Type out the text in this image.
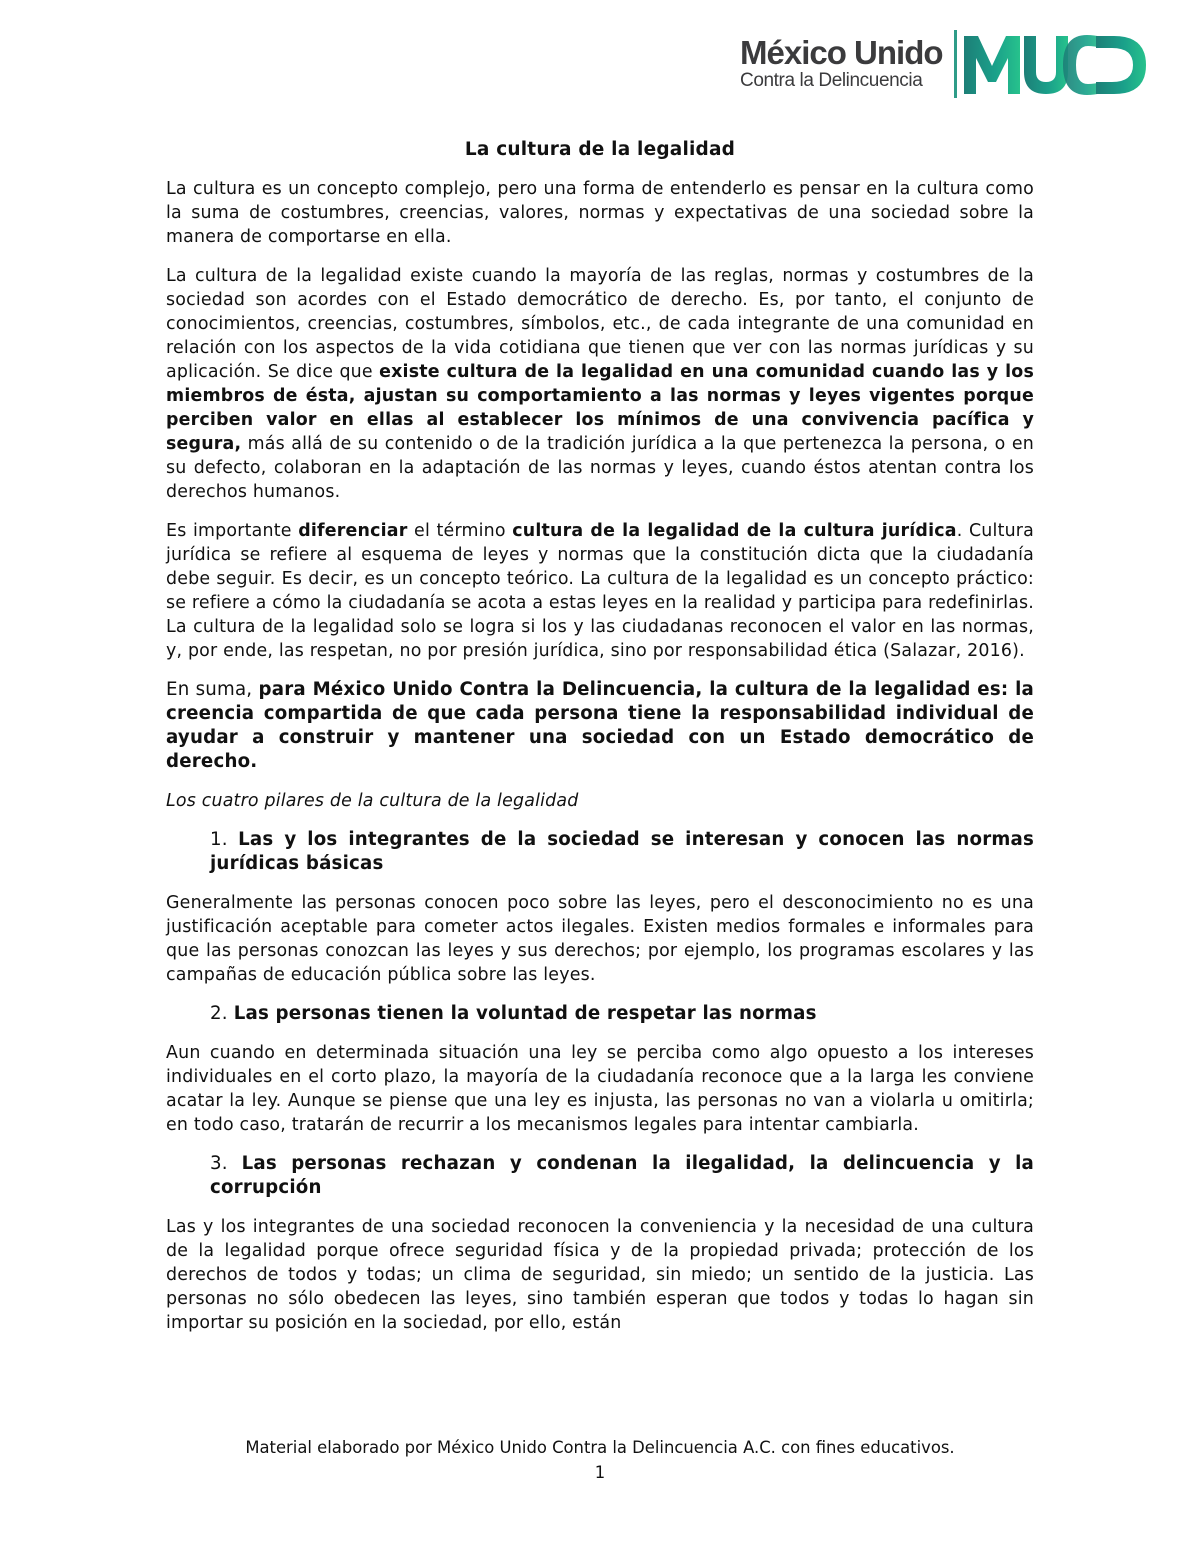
México Unido
Contra la Delincuencia

La cultura de la legalidad

La cultura es un concepto complejo, pero una forma de entenderlo es pensar en la cultura como la suma de costumbres, creencias, valores, normas y expectativas de una sociedad sobre la manera de comportarse en ella.

La cultura de la legalidad existe cuando la mayoría de las reglas, normas y costumbres de la sociedad son acordes con el Estado democrático de derecho. Es, por tanto, el conjunto de conocimientos, creencias, costumbres, símbolos, etc., de cada integrante de una comunidad en relación con los aspectos de la vida cotidiana que tienen que ver con las normas jurídicas y su aplicación. Se dice que existe cultura de la legalidad en una comunidad cuando las y los miembros de ésta, ajustan su comportamiento a las normas y leyes vigentes porque perciben valor en ellas al establecer los mínimos de una convivencia pacífica y segura, más allá de su contenido o de la tradición jurídica a la que pertenezca la persona, o en su defecto, colaboran en la adaptación de las normas y leyes, cuando éstos atentan contra los derechos humanos.

Es importante diferenciar el término cultura de la legalidad de la cultura jurídica. Cultura jurídica se refiere al esquema de leyes y normas que la constitución dicta que la ciudadanía debe seguir. Es decir, es un concepto teórico. La cultura de la legalidad es un concepto práctico: se refiere a cómo la ciudadanía se acota a estas leyes en la realidad y participa para redefinirlas. La cultura de la legalidad solo se logra si los y las ciudadanas reconocen el valor en las normas, y, por ende, las respetan, no por presión jurídica, sino por responsabilidad ética (Salazar, 2016).

En suma, para México Unido Contra la Delincuencia, la cultura de la legalidad es: la creencia compartida de que cada persona tiene la responsabilidad individual de ayudar a construir y mantener una sociedad con un Estado democrático de derecho.

Los cuatro pilares de la cultura de la legalidad

1. Las y los integrantes de la sociedad se interesan y conocen las normas jurídicas básicas

Generalmente las personas conocen poco sobre las leyes, pero el desconocimiento no es una justificación aceptable para cometer actos ilegales. Existen medios formales e informales para que las personas conozcan las leyes y sus derechos; por ejemplo, los programas escolares y las campañas de educación pública sobre las leyes.

2. Las personas tienen la voluntad de respetar las normas

Aun cuando en determinada situación una ley se perciba como algo opuesto a los intereses individuales en el corto plazo, la mayoría de la ciudadanía reconoce que a la larga les conviene acatar la ley. Aunque se piense que una ley es injusta, las personas no van a violarla u omitirla; en todo caso, tratarán de recurrir a los mecanismos legales para intentar cambiarla.

3. Las personas rechazan y condenan la ilegalidad, la delincuencia y la corrupción

Las y los integrantes de una sociedad reconocen la conveniencia y la necesidad de una cultura de la legalidad porque ofrece seguridad física y de la propiedad privada; protección de los derechos de todos y todas; un clima de seguridad, sin miedo; un sentido de la justicia. Las personas no sólo obedecen las leyes, sino también esperan que todos y todas lo hagan sin importar su posición en la sociedad, por ello, están

Material elaborado por México Unido Contra la Delincuencia A.C. con fines educativos.
1
